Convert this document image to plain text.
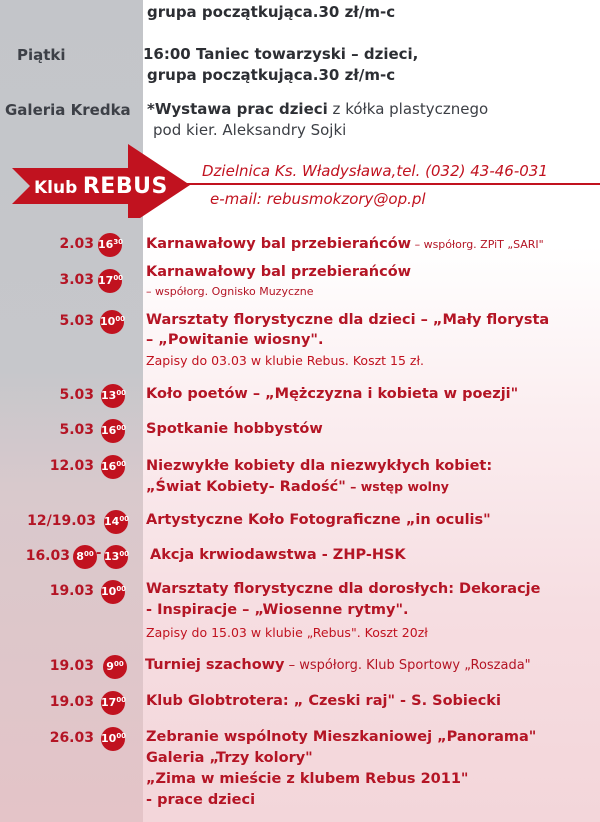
grupa początkująca.30 zł/m-c
Piątki	16:00 Taniec towarzyski – dzieci,
grupa początkująca.30 zł/m-c
Galeria Kredka *Wystawa prac dzieci z kółka plastycznego
pod kier. Aleksandry Sojki
Klub REBUS
Dzielnica Ks. Władysława,tel. (032) 43-46-031
e-mail: rebusmokzory@op.pl
2.03 $16^{30}$ Karnawałowy bal przebierańców – współorg. ZPiT „SARI"
3.03 $17^{00}$ Karnawałowy bal przebierańców
– współorg. Ognisko Muzyczne
5.03 $10^{00}$ Warsztaty florystyczne dla dzieci – „Mały florysta
– „Powitanie wiosny".
Zapisy do 03.03 w klubie Rebus. Koszt 15 zł.
5.03 $13^{00}$ Koło poetów – „Mężczyzna i kobieta w poezji"
5.03 $16^{00}$ Spotkanie hobbystów
12.03 $16^{00}$ Niezwykłe kobiety dla niezwykłych kobiet:
„Świat Kobiety- Radość" – wstęp wolny
12/19.03 $14^{00}$ Artystyczne Koło Fotograficzne „in oculis"
16.03 $8^{00} - 13^{00}$ Akcja krwiodawstwa - ZHP-HSK
19.03 $10^{00}$ Warsztaty florystyczne dla dorosłych: Dekoracje
- Inspiracje – „Wiosenne rytmy".
Zapisy do 15.03 w klubie „Rebus". Koszt 20zł
19.03 $9^{00}$ Turniej szachowy – współorg. Klub Sportowy „Roszada"
19.03 $17^{00}$ Klub Globtrotera: „ Czeski raj" - S. Sobiecki
26.03 $10^{00}$ Zebranie wspólnoty Mieszkaniowej „Panorama"
Galeria „Trzy kolory"
„Zima w mieście z klubem Rebus 2011"
- prace dzieci
